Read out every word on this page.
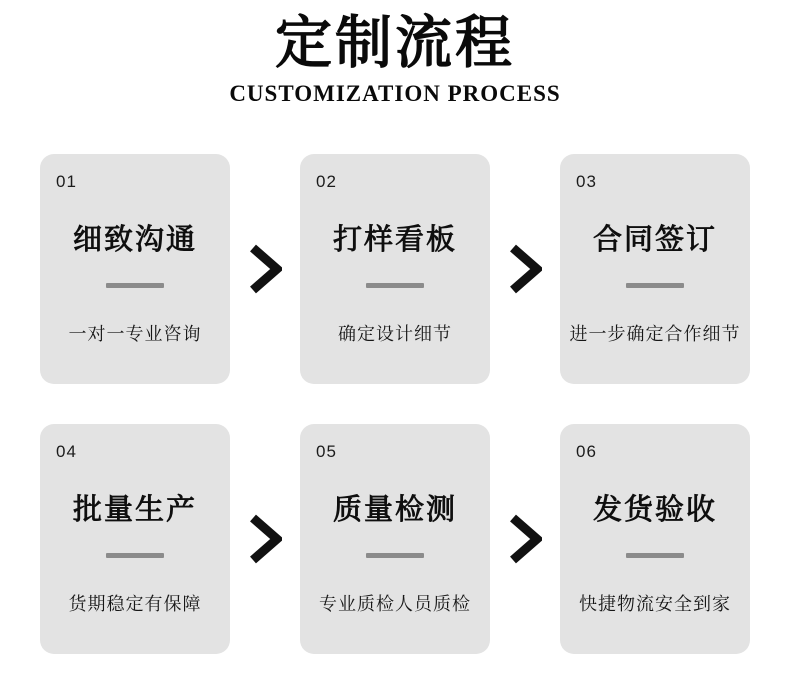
定制流程
CUSTOMIZATION PROCESS
01
细致沟通
一对一专业咨询
02
打样看板
确定设计细节
03
合同签订
进一步确定合作细节
04
批量生产
货期稳定有保障
05
质量检测
专业质检人员质检
06
发货验收
快捷物流安全到家
